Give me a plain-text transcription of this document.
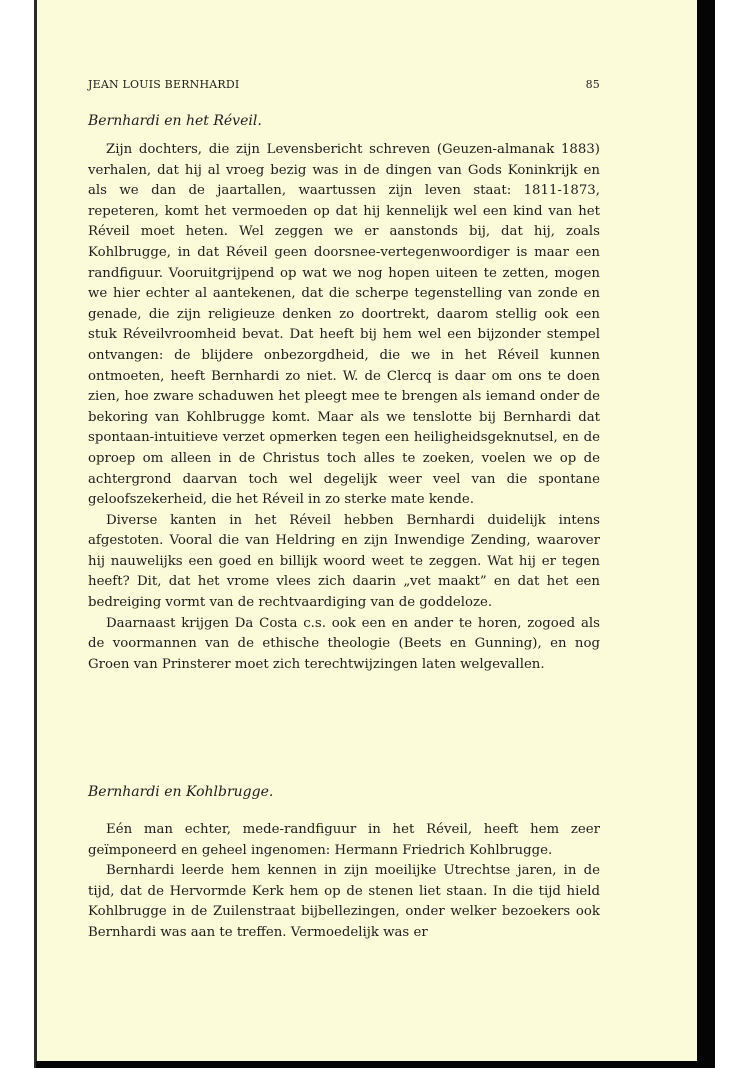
JEAN LOUIS BERNHARDI	85
Bernhardi en het Réveil.

Zijn dochters, die zijn Levensbericht schreven (Geuzen-almanak 1883) verhalen, dat hij al vroeg bezig was in de dingen van Gods Koninkrijk en als we dan de jaartallen, waartussen zijn leven staat: 1811-1873, repeteren, komt het vermoeden op dat hij kennelijk wel een kind van het Réveil moet heten. Wel zeggen we er aanstonds bij, dat hij, zoals Kohlbrugge, in dat Réveil geen doorsnee-vertegenwoordiger is maar een randfiguur. Vooruitgrijpend op wat we nog hopen uiteen te zetten, mogen we hier echter al aantekenen, dat die scherpe tegenstelling van zonde en genade, die zijn religieuze denken zo doortrekt, daarom stellig ook een stuk Réveilvroomheid bevat. Dat heeft bij hem wel een bijzonder stempel ontvangen: de blijdere onbezorgdheid, die we in het Réveil kunnen ontmoeten, heeft Bernhardi zo niet. W. de Clercq is daar om ons te doen zien, hoe zware schaduwen het pleegt mee te brengen als iemand onder de bekoring van Kohlbrugge komt. Maar als we tenslotte bij Bernhardi dat spontaan-intuitieve verzet opmerken tegen een heiligheidsgeknutsel, en de oproep om alleen in de Christus toch alles te zoeken, voelen we op de achtergrond daarvan toch wel degelijk weer veel van die spontane geloofszekerheid, die het Réveil in zo sterke mate kende.

Diverse kanten in het Réveil hebben Bernhardi duidelijk intens afgestoten. Vooral die van Heldring en zijn Inwendige Zending, waarover hij nauwelijks een goed en billijk woord weet te zeggen. Wat hij er tegen heeft? Dit, dat het vrome vlees zich daarin „vet maakt” en dat het een bedreiging vormt van de rechtvaardiging van de goddeloze.

Daarnaast krijgen Da Costa c.s. ook een en ander te horen, zogoed als de voormannen van de ethische theologie (Beets en Gunning), en nog Groen van Prinsterer moet zich terechtwijzingen laten welgevallen.

Bernhardi en Kohlbrugge.

Eén man echter, mede-randfiguur in het Réveil, heeft hem zeer geïmponeerd en geheel ingenomen: Hermann Friedrich Kohlbrugge.

Bernhardi leerde hem kennen in zijn moeilijke Utrechtse jaren, in de tijd, dat de Hervormde Kerk hem op de stenen liet staan. In die tijd hield Kohlbrugge in de Zuilenstraat bijbellezingen, onder welker bezoekers ook Bernhardi was aan te treffen. Vermoedelijk was er
